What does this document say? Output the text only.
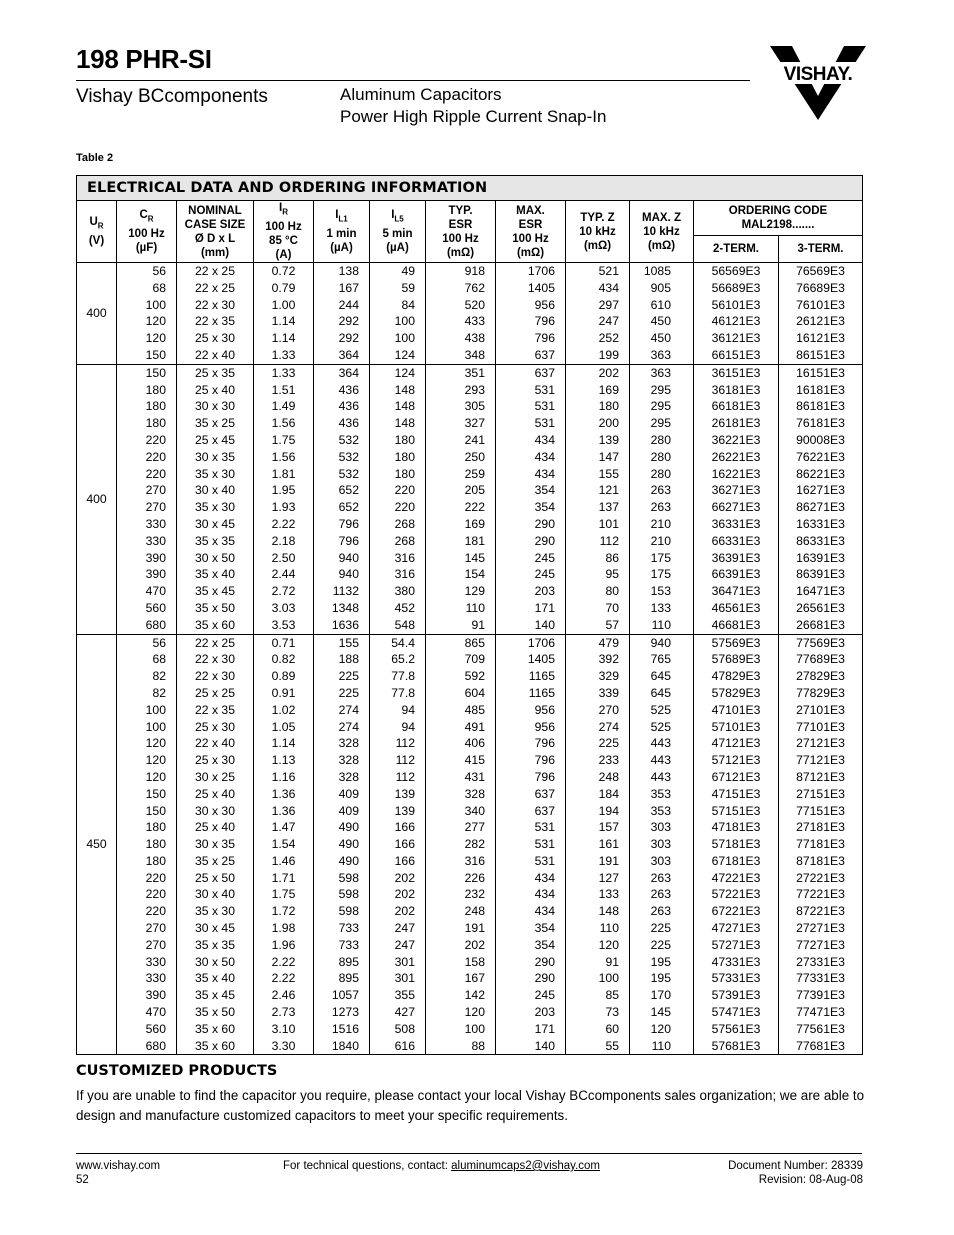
198 PHR-SI
Vishay BCcomponents	Aluminum Capacitors
Power High Ripple Current Snap-In
VISHAY.
Table 2
ELECTRICAL DATA AND ORDERING INFORMATION											
$U_R$
(V)	$C_R$
100 Hz
(µF)	NOMINAL
CASE SIZE
Ø D x L
(mm)	$I_R$
100 Hz
85 °C
(A)	$I_{L1}$
1 min
(µA)	$I_{L5}$
5 min
(µA)	TYP.
ESR
100 Hz
(mΩ)	MAX.
ESR
100 Hz
(mΩ)	TYP. Z
10 kHz
(mΩ)	MAX. Z
10 kHz
(mΩ)	ORDERING CODE
MAL2198.......	
										2-TERM.	3-TERM.
400	56	22 x 25	0.72	138	49	918	1706	521	1085	56569E3	76569E3
	68	22 x 25	0.79	167	59	762	1405	434	905	56689E3	76689E3
	100	22 x 30	1.00	244	84	520	956	297	610	56101E3	76101E3
	120	22 x 35	1.14	292	100	433	796	247	450	46121E3	26121E3
	120	25 x 30	1.14	292	100	438	796	252	450	36121E3	16121E3
	150	22 x 40	1.33	364	124	348	637	199	363	66151E3	86151E3
400	150	25 x 35	1.33	364	124	351	637	202	363	36151E3	16151E3
	180	25 x 40	1.51	436	148	293	531	169	295	36181E3	16181E3
	180	30 x 30	1.49	436	148	305	531	180	295	66181E3	86181E3
	180	35 x 25	1.56	436	148	327	531	200	295	26181E3	76181E3
	220	25 x 45	1.75	532	180	241	434	139	280	36221E3	90008E3
	220	30 x 35	1.56	532	180	250	434	147	280	26221E3	76221E3
	220	35 x 30	1.81	532	180	259	434	155	280	16221E3	86221E3
	270	30 x 40	1.95	652	220	205	354	121	263	36271E3	16271E3
	270	35 x 30	1.93	652	220	222	354	137	263	66271E3	86271E3
	330	30 x 45	2.22	796	268	169	290	101	210	36331E3	16331E3
	330	35 x 35	2.18	796	268	181	290	112	210	66331E3	86331E3
	390	30 x 50	2.50	940	316	145	245	86	175	36391E3	16391E3
	390	35 x 40	2.44	940	316	154	245	95	175	66391E3	86391E3
	470	35 x 45	2.72	1132	380	129	203	80	153	36471E3	16471E3
	560	35 x 50	3.03	1348	452	110	171	70	133	46561E3	26561E3
	680	35 x 60	3.53	1636	548	91	140	57	110	46681E3	26681E3
450	56	22 x 25	0.71	155	54.4	865	1706	479	940	57569E3	77569E3
	68	22 x 30	0.82	188	65.2	709	1405	392	765	57689E3	77689E3
	82	22 x 30	0.89	225	77.8	592	1165	329	645	47829E3	27829E3
	82	25 x 25	0.91	225	77.8	604	1165	339	645	57829E3	77829E3
	100	22 x 35	1.02	274	94	485	956	270	525	47101E3	27101E3
	100	25 x 30	1.05	274	94	491	956	274	525	57101E3	77101E3
	120	22 x 40	1.14	328	112	406	796	225	443	47121E3	27121E3
	120	25 x 30	1.13	328	112	415	796	233	443	57121E3	77121E3
	120	30 x 25	1.16	328	112	431	796	248	443	67121E3	87121E3
	150	25 x 40	1.36	409	139	328	637	184	353	47151E3	27151E3
	150	30 x 30	1.36	409	139	340	637	194	353	57151E3	77151E3
	180	25 x 40	1.47	490	166	277	531	157	303	47181E3	27181E3
	180	30 x 35	1.54	490	166	282	531	161	303	57181E3	77181E3
	180	35 x 25	1.46	490	166	316	531	191	303	67181E3	87181E3
	220	25 x 50	1.71	598	202	226	434	127	263	47221E3	27221E3
	220	30 x 40	1.75	598	202	232	434	133	263	57221E3	77221E3
	220	35 x 30	1.72	598	202	248	434	148	263	67221E3	87221E3
	270	30 x 45	1.98	733	247	191	354	110	225	47271E3	27271E3
	270	35 x 35	1.96	733	247	202	354	120	225	57271E3	77271E3
	330	30 x 50	2.22	895	301	158	290	91	195	47331E3	27331E3
	330	35 x 40	2.22	895	301	167	290	100	195	57331E3	77331E3
	390	35 x 45	2.46	1057	355	142	245	85	170	57391E3	77391E3
	470	35 x 50	2.73	1273	427	120	203	73	145	57471E3	77471E3
	560	35 x 60	3.10	1516	508	100	171	60	120	57561E3	77561E3
	680	35 x 60	3.30	1840	616	88	140	55	110	57681E3	77681E3
CUSTOMIZED PRODUCTS
If you are unable to find the capacitor you require, please contact your local Vishay BCcomponents sales organization; we are able to design and manufacture customized capacitors to meet your specific requirements.
www.vishay.com
52
For technical questions, contact: aluminumcaps2@vishay.com	Document Number: 28339
Revision: 08-Aug-08
